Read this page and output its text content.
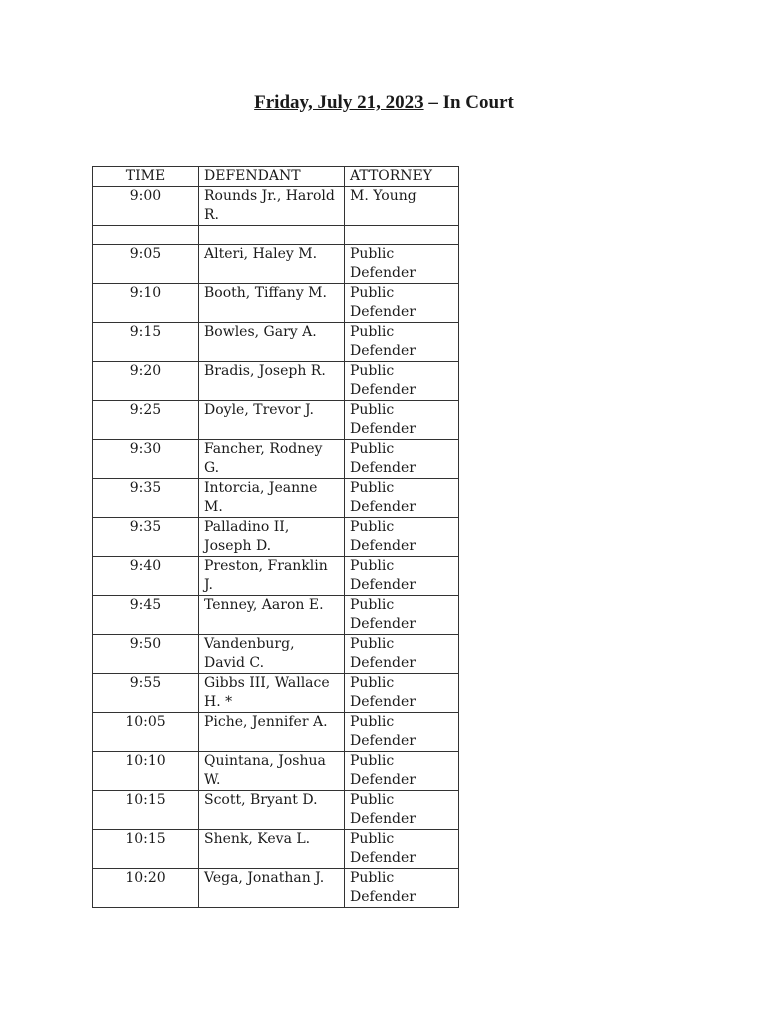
Friday, July 21, 2023 – In Court
TIME	DEFENDANT	ATTORNEY
9:00	Rounds Jr., Harold R.	M. Young

9:05	Alteri, Haley M.	Public Defender
9:10	Booth, Tiffany M.	Public Defender
9:15	Bowles, Gary A.	Public Defender
9:20	Bradis, Joseph R.	Public Defender
9:25	Doyle, Trevor J.	Public Defender
9:30	Fancher, Rodney G.	Public Defender
9:35	Intorcia, Jeanne M.	Public Defender
9:35	Palladino II, Joseph D.	Public Defender
9:40	Preston, Franklin J.	Public Defender
9:45	Tenney, Aaron E.	Public Defender
9:50	Vandenburg, David C.	Public Defender
9:55	Gibbs III, Wallace H. *	Public Defender
10:05	Piche, Jennifer A.	Public Defender
10:10	Quintana, Joshua W.	Public Defender
10:15	Scott, Bryant D.	Public Defender
10:15	Shenk, Keva L.	Public Defender
10:20	Vega, Jonathan J.	Public Defender
